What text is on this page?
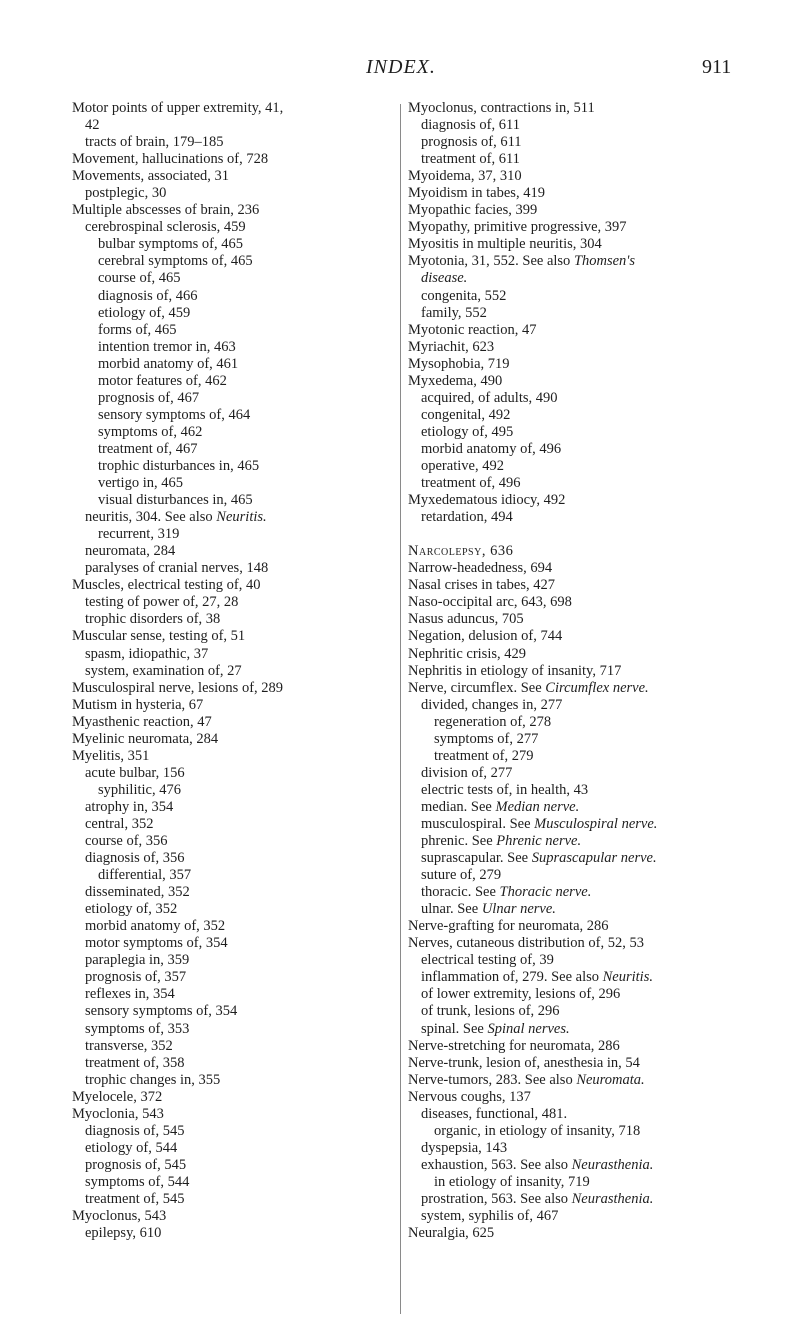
INDEX.	911
Motor points of upper extremity, 41,
42
tracts of brain, 179–185
Movement, hallucinations of, 728
Movements, associated, 31
postplegic, 30
Multiple abscesses of brain, 236
cerebrospinal sclerosis, 459
bulbar symptoms of, 465
cerebral symptoms of, 465
course of, 465
diagnosis of, 466
etiology of, 459
forms of, 465
intention tremor in, 463
morbid anatomy of, 461
motor features of, 462
prognosis of, 467
sensory symptoms of, 464
symptoms of, 462
treatment of, 467
trophic disturbances in, 465
vertigo in, 465
visual disturbances in, 465
neuritis, 304. See also Neuritis.
recurrent, 319
neuromata, 284
paralyses of cranial nerves, 148
Muscles, electrical testing of, 40
testing of power of, 27, 28
trophic disorders of, 38
Muscular sense, testing of, 51
spasm, idiopathic, 37
system, examination of, 27
Musculospiral nerve, lesions of, 289
Mutism in hysteria, 67
Myasthenic reaction, 47
Myelinic neuromata, 284
Myelitis, 351
acute bulbar, 156
syphilitic, 476
atrophy in, 354
central, 352
course of, 356
diagnosis of, 356
differential, 357
disseminated, 352
etiology of, 352
morbid anatomy of, 352
motor symptoms of, 354
paraplegia in, 359
prognosis of, 357
reflexes in, 354
sensory symptoms of, 354
symptoms of, 353
transverse, 352
treatment of, 358
trophic changes in, 355
Myelocele, 372
Myoclonia, 543
diagnosis of, 545
etiology of, 544
prognosis of, 545
symptoms of, 544
treatment of, 545
Myoclonus, 543
epilepsy, 610
Myoclonus, contractions in, 511
diagnosis of, 611
prognosis of, 611
treatment of, 611
Myoidema, 37, 310
Myoidism in tabes, 419
Myopathic facies, 399
Myopathy, primitive progressive, 397
Myositis in multiple neuritis, 304
Myotonia, 31, 552. See also Thomsen's
disease.
congenita, 552
family, 552
Myotonic reaction, 47
Myriachit, 623
Mysophobia, 719
Myxedema, 490
acquired, of adults, 490
congenital, 492
etiology of, 495
morbid anatomy of, 496
operative, 492
treatment of, 496
Myxedematous idiocy, 492
retardation, 494
Narcolepsy, 636
Narrow-headedness, 694
Nasal crises in tabes, 427
Naso-occipital arc, 643, 698
Nasus aduncus, 705
Negation, delusion of, 744
Nephritic crisis, 429
Nephritis in etiology of insanity, 717
Nerve, circumflex. See Circumflex nerve.
divided, changes in, 277
regeneration of, 278
symptoms of, 277
treatment of, 279
division of, 277
electric tests of, in health, 43
median. See Median nerve.
musculospiral. See Musculospiral nerve.
phrenic. See Phrenic nerve.
suprascapular. See Suprascapular nerve.
suture of, 279
thoracic. See Thoracic nerve.
ulnar. See Ulnar nerve.
Nerve-grafting for neuromata, 286
Nerves, cutaneous distribution of, 52, 53
electrical testing of, 39
inflammation of, 279. See also Neuritis.
of lower extremity, lesions of, 296
of trunk, lesions of, 296
spinal. See Spinal nerves.
Nerve-stretching for neuromata, 286
Nerve-trunk, lesion of, anesthesia in, 54
Nerve-tumors, 283. See also Neuromata.
Nervous coughs, 137
diseases, functional, 481.
organic, in etiology of insanity, 718
dyspepsia, 143
exhaustion, 563. See also Neurasthenia.
in etiology of insanity, 719
prostration, 563. See also Neurasthenia.
system, syphilis of, 467
Neuralgia, 625
